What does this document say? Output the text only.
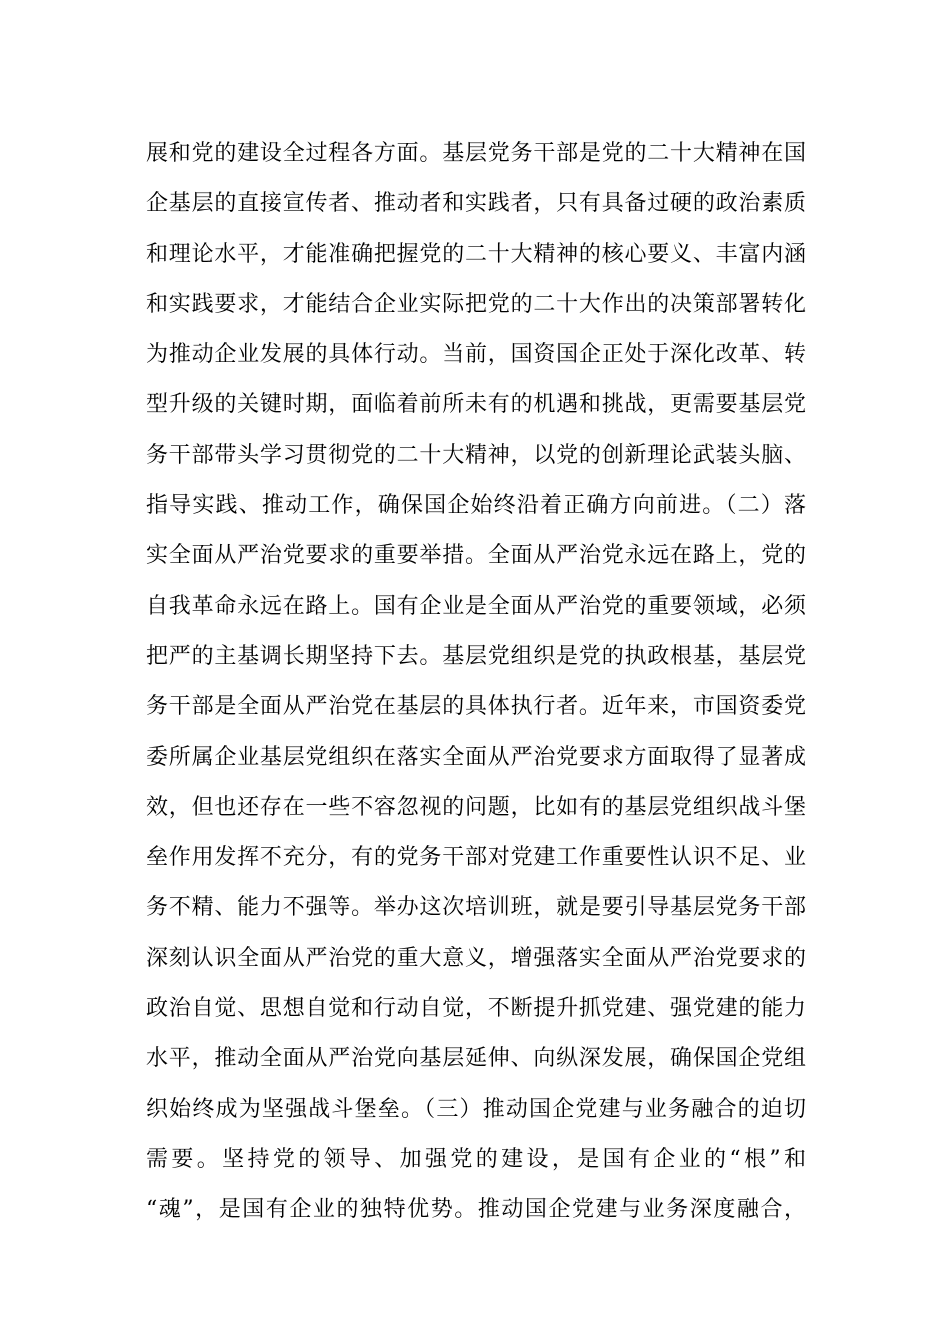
展和党的建设全过程各方面。基层党务干部是党的二十大精神在国
企基层的直接宣传者、推动者和实践者，只有具备过硬的政治素质
和理论水平，才能准确把握党的二十大精神的核心要义、丰富内涵
和实践要求，才能结合企业实际把党的二十大作出的决策部署转化
为推动企业发展的具体行动。当前，国资国企正处于深化改革、转
型升级的关键时期，面临着前所未有的机遇和挑战，更需要基层党
务干部带头学习贯彻党的二十大精神，以党的创新理论武装头脑、
指导实践、推动工作，确保国企始终沿着正确方向前进。（二）落
实全面从严治党要求的重要举措。全面从严治党永远在路上，党的
自我革命永远在路上。国有企业是全面从严治党的重要领域，必须
把严的主基调长期坚持下去。基层党组织是党的执政根基，基层党
务干部是全面从严治党在基层的具体执行者。近年来，市国资委党
委所属企业基层党组织在落实全面从严治党要求方面取得了显著成
效，但也还存在一些不容忽视的问题，比如有的基层党组织战斗堡
垒作用发挥不充分，有的党务干部对党建工作重要性认识不足、业
务不精、能力不强等。举办这次培训班，就是要引导基层党务干部
深刻认识全面从严治党的重大意义，增强落实全面从严治党要求的
政治自觉、思想自觉和行动自觉，不断提升抓党建、强党建的能力
水平，推动全面从严治党向基层延伸、向纵深发展，确保国企党组
织始终成为坚强战斗堡垒。（三）推动国企党建与业务融合的迫切
需要。坚持党的领导、加强党的建设，是国有企业的“根”和
“魂”，是国有企业的独特优势。推动国企党建与业务深度融合，
